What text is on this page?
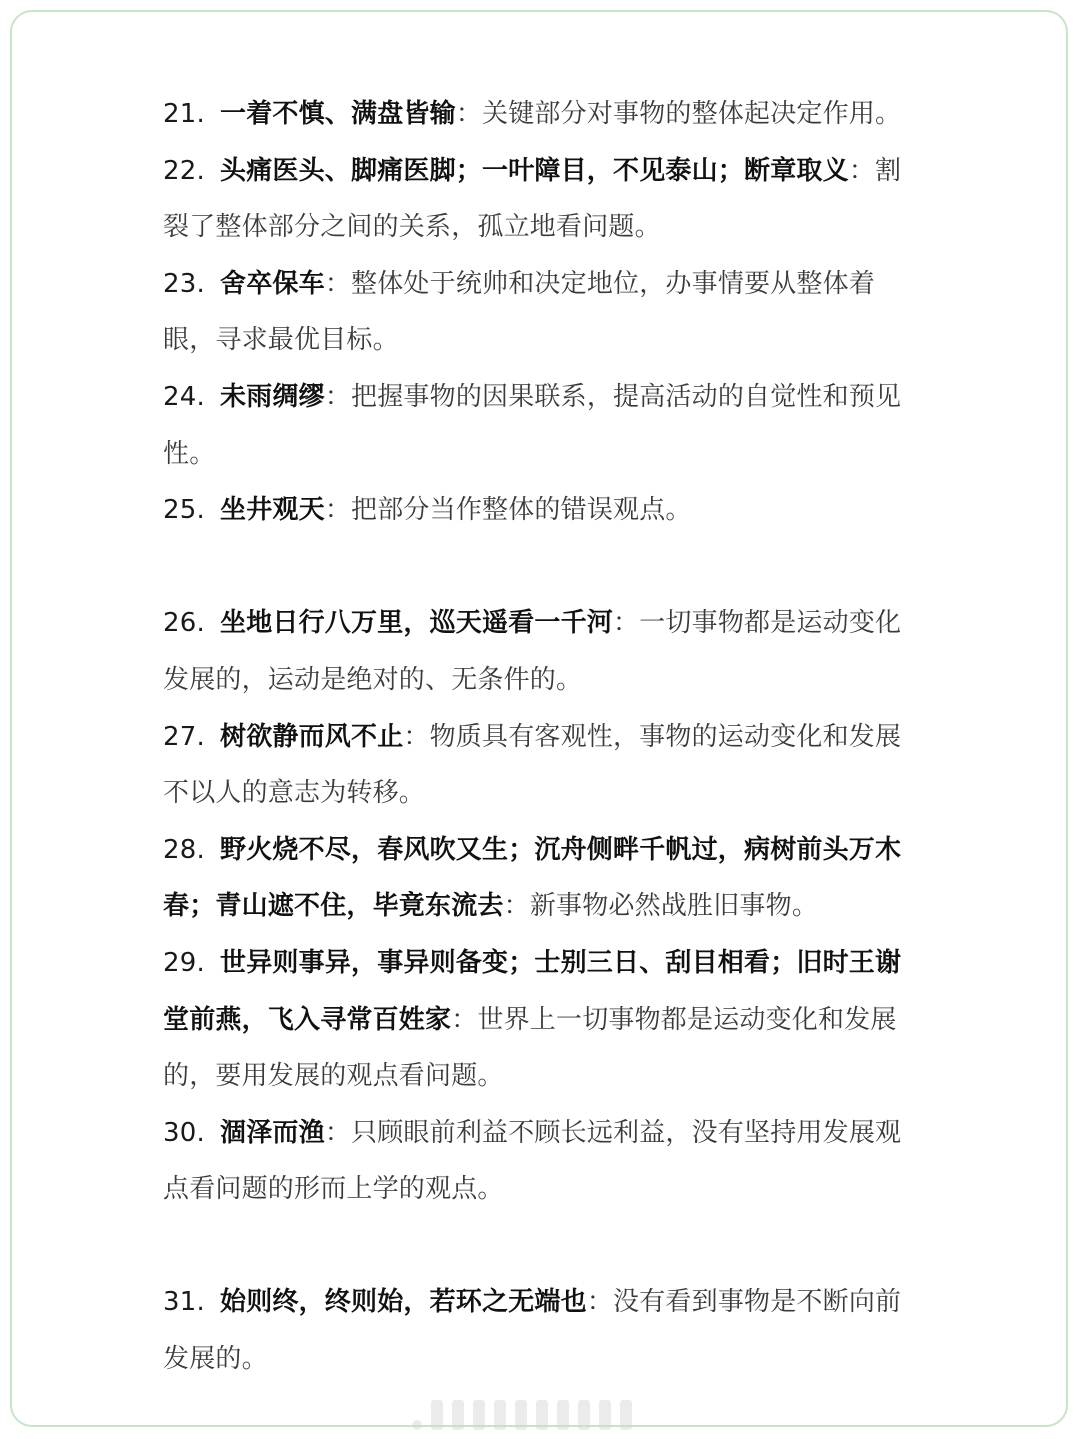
21. 一着不慎、满盘皆输：关键部分对事物的整体起决定作用。

22. 头痛医头、脚痛医脚；一叶障目，不见泰山；断章取义：割裂了整体部分之间的关系，孤立地看问题。

23. 舍卒保车：整体处于统帅和决定地位，办事情要从整体着眼，寻求最优目标。

24. 未雨绸缪：把握事物的因果联系，提高活动的自觉性和预见性。

25. 坐井观天：把部分当作整体的错误观点。

26. 坐地日行八万里，巡天遥看一千河：一切事物都是运动变化发展的，运动是绝对的、无条件的。

27. 树欲静而风不止：物质具有客观性，事物的运动变化和发展不以人的意志为转移。

28. 野火烧不尽，春风吹又生；沉舟侧畔千帆过，病树前头万木春；青山遮不住，毕竟东流去：新事物必然战胜旧事物。

29. 世异则事异，事异则备变；士别三日、刮目相看；旧时王谢堂前燕，飞入寻常百姓家：世界上一切事物都是运动变化和发展的，要用发展的观点看问题。

30. 涸泽而渔：只顾眼前利益不顾长远利益，没有坚持用发展观点看问题的形而上学的观点。

31. 始则终，终则始，若环之无端也：没有看到事物是不断向前发展的。
